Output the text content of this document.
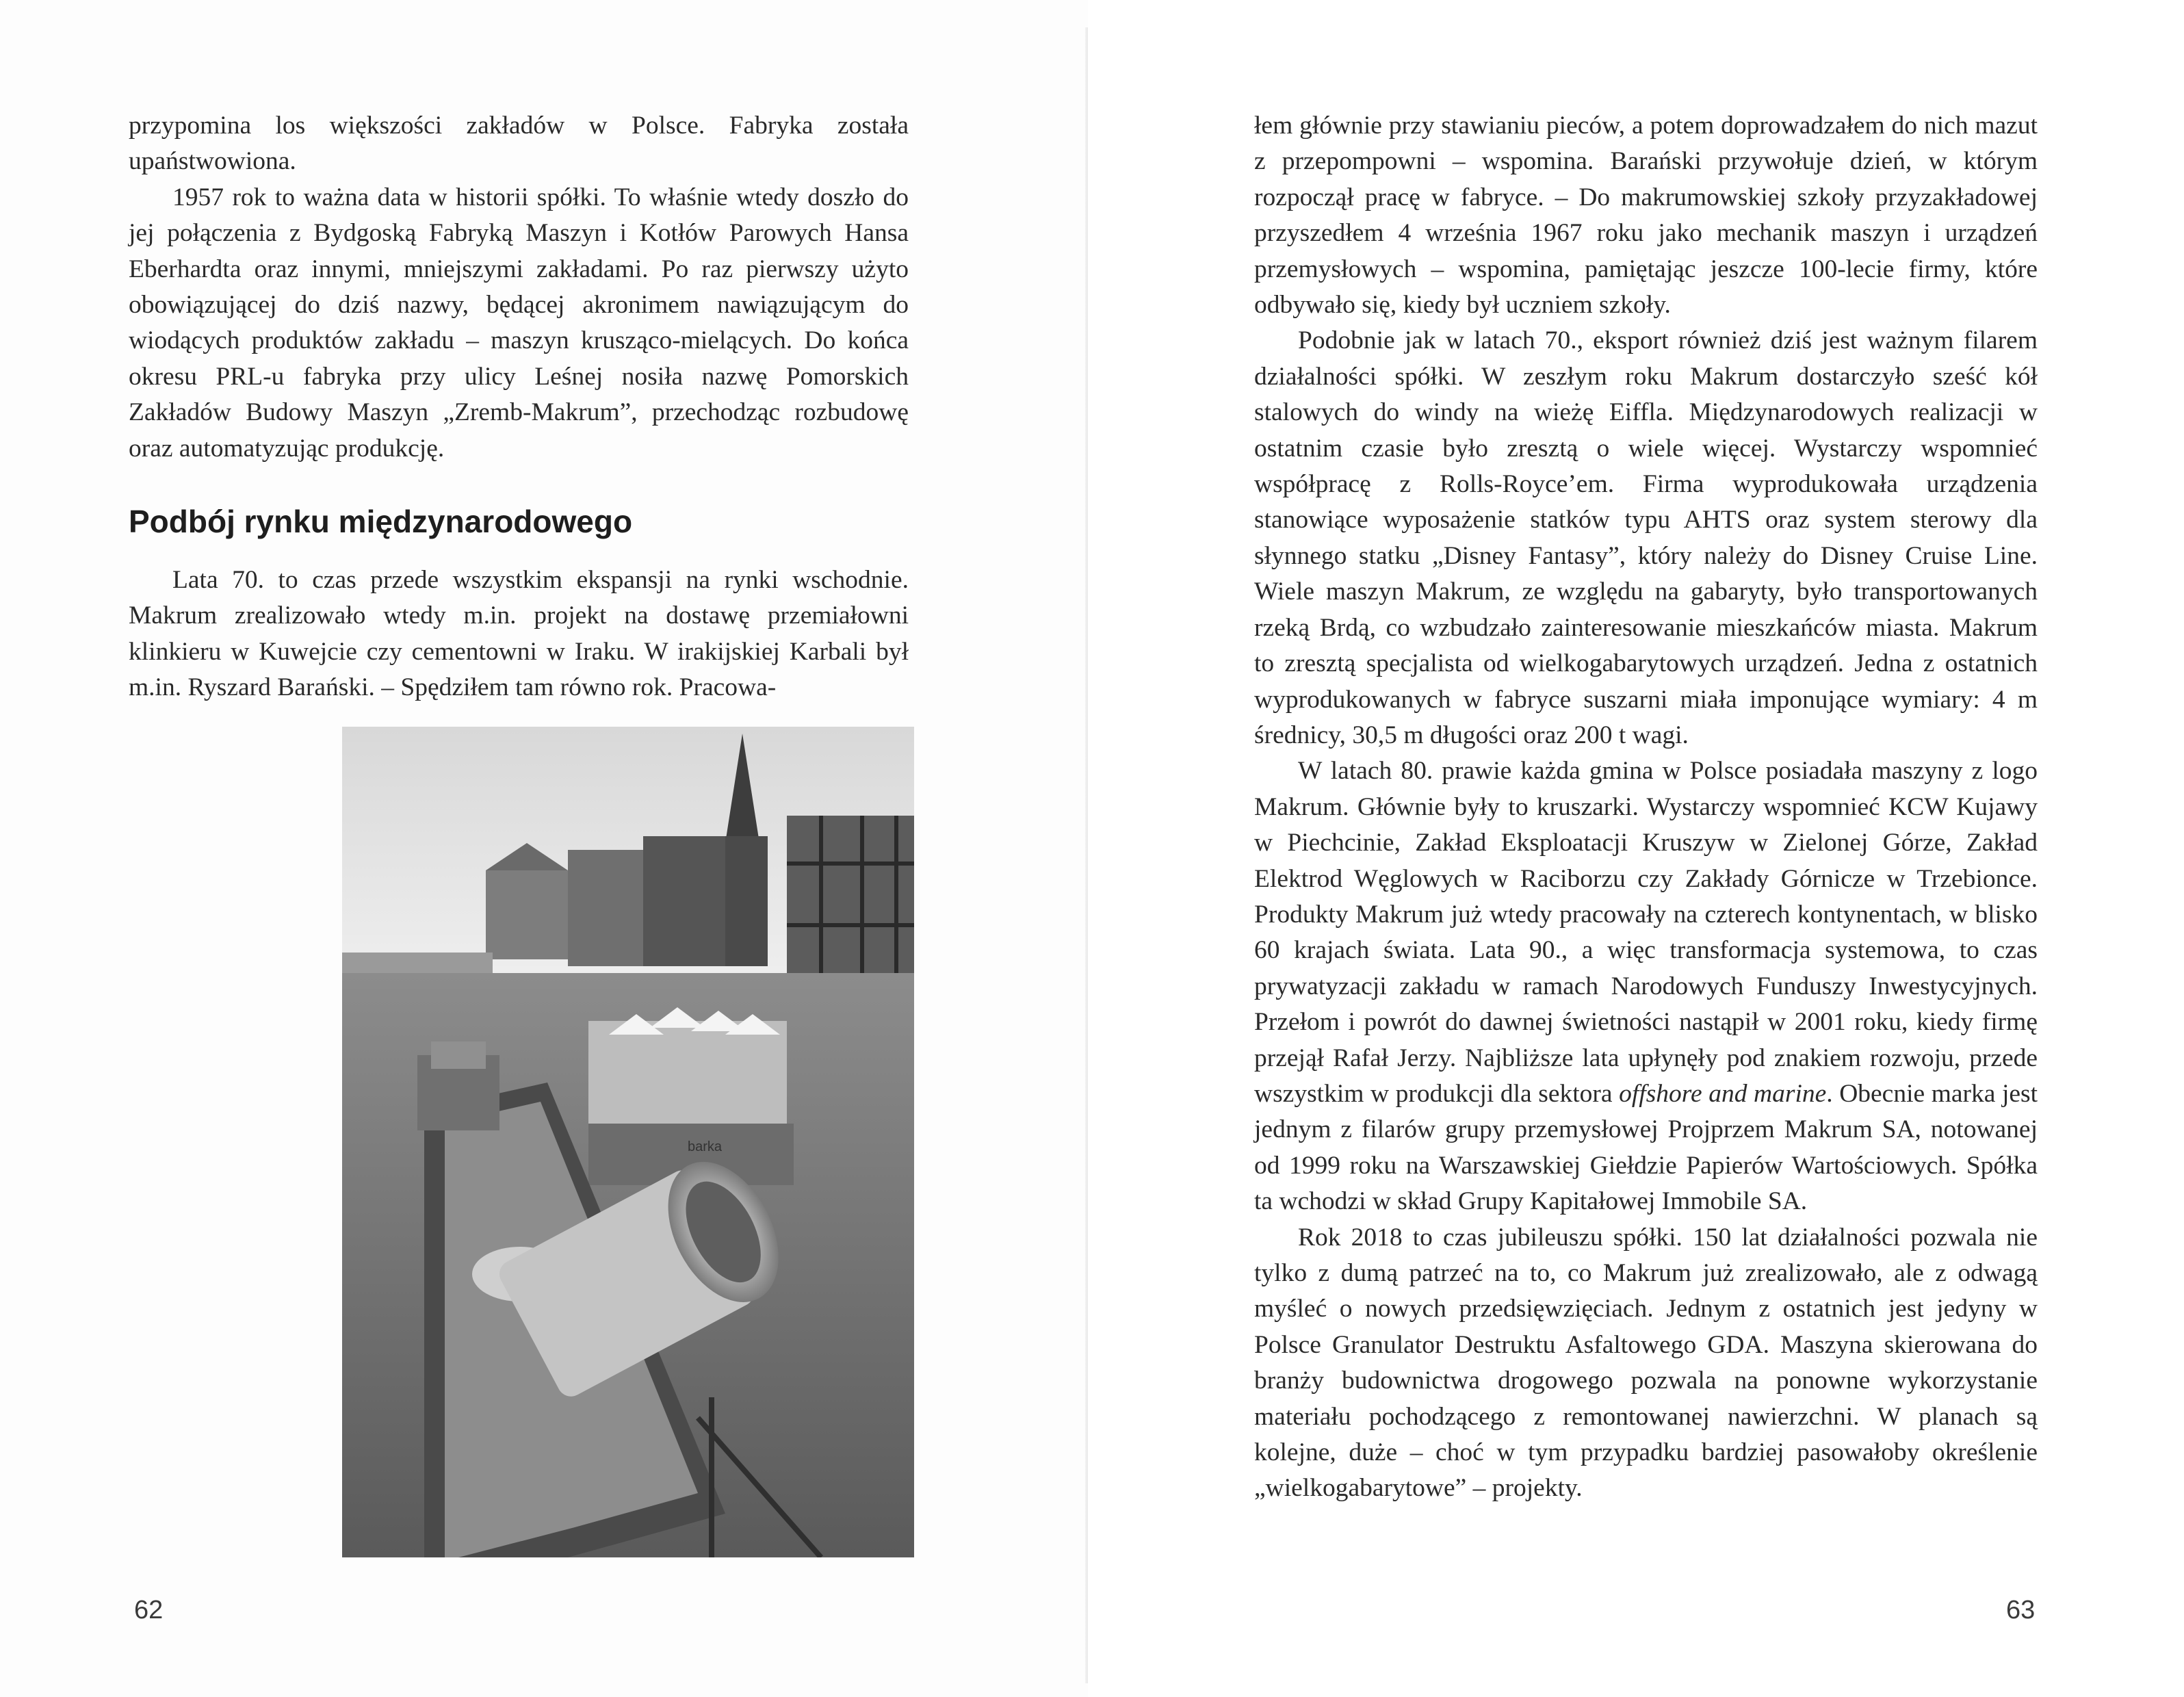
przypomina los większości zakładów w Polsce. Fabryka została upaństwowiona.

1957 rok to ważna data w historii spółki. To właśnie wtedy doszło do jej połączenia z Bydgoską Fabryką Maszyn i Kotłów Parowych Hansa Eberhardta oraz innymi, mniejszymi zakładami. Po raz pierwszy użyto obowiązującej do dziś nazwy, będącej akronimem nawiązującym do wiodących produktów zakładu – maszyn krusząco-mielących. Do końca okresu PRL-u fabryka przy ulicy Leśnej nosiła nazwę Pomorskich Zakładów Budowy Maszyn „Zremb-Makrum”, przechodząc rozbudowę oraz automatyzując produkcję.

Podbój rynku międzynarodowego

Lata 70. to czas przede wszystkim ekspansji na rynki wschodnie. Makrum zrealizowało wtedy m.in. projekt na dostawę przemiałowni klinkieru w Kuwejcie czy cementowni w Iraku. W irakijskiej Karbali był m.in. Ryszard Barański. – Spędziłem tam równo rok. Pracowa-

barka
62	63

łem głównie przy stawianiu pieców, a potem doprowadzałem do nich mazut z przepompowni – wspomina. Barański przywołuje dzień, w którym rozpoczął pracę w fabryce. – Do makrumowskiej szkoły przyzakładowej przyszedłem 4 września 1967 roku jako mechanik maszyn i urządzeń przemysłowych – wspomina, pamiętając jeszcze 100-lecie firmy, które odbywało się, kiedy był uczniem szkoły.

Podobnie jak w latach 70., eksport również dziś jest ważnym filarem działalności spółki. W zeszłym roku Makrum dostarczyło sześć kół stalowych do windy na wieżę Eiffla. Międzynarodowych realizacji w ostatnim czasie było zresztą o wiele więcej. Wystarczy wspomnieć współpracę z Rolls-Royce’em. Firma wyprodukowała urządzenia stanowiące wyposażenie statków typu AHTS oraz system sterowy dla słynnego statku „Disney Fantasy”, który należy do Disney Cruise Line. Wiele maszyn Makrum, ze względu na gabaryty, było transportowanych rzeką Brdą, co wzbudzało zainteresowanie mieszkańców miasta. Makrum to zresztą specjalista od wielkogabarytowych urządzeń. Jedna z ostatnich wyprodukowanych w fabryce suszarni miała imponujące wymiary: 4 m średnicy, 30,5 m długości oraz 200 t wagi.

W latach 80. prawie każda gmina w Polsce posiadała maszyny z logo Makrum. Głównie były to kruszarki. Wystarczy wspomnieć KCW Kujawy w Piechcinie, Zakład Eksploatacji Kruszyw w Zielonej Górze, Zakład Elektrod Węglowych w Raciborzu czy Zakłady Górnicze w Trzebionce. Produkty Makrum już wtedy pracowały na czterech kontynentach, w blisko 60 krajach świata. Lata 90., a więc transformacja systemowa, to czas prywatyzacji zakładu w ramach Narodowych Funduszy Inwestycyjnych. Przełom i powrót do dawnej świetności nastąpił w 2001 roku, kiedy firmę przejął Rafał Jerzy. Najbliższe lata upłynęły pod znakiem rozwoju, przede wszystkim w produkcji dla sektora offshore and marine. Obecnie marka jest jednym z filarów grupy przemysłowej Projprzem Makrum SA, notowanej od 1999 roku na Warszawskiej Giełdzie Papierów Wartościowych. Spółka ta wchodzi w skład Grupy Kapitałowej Immobile SA.

Rok 2018 to czas jubileuszu spółki. 150 lat działalności pozwala nie tylko z dumą patrzeć na to, co Makrum już zrealizowało, ale z odwagą myśleć o nowych przedsięwzięciach. Jednym z ostatnich jest jedyny w Polsce Granulator Destruktu Asfaltowego GDA. Maszyna skierowana do branży budownictwa drogowego pozwala na ponowne wykorzystanie materiału pochodzącego z remontowanej nawierzchni. W planach są kolejne, duże – choć w tym przypadku bardziej pasowałoby określenie „wielkogabarytowe” – projekty.
